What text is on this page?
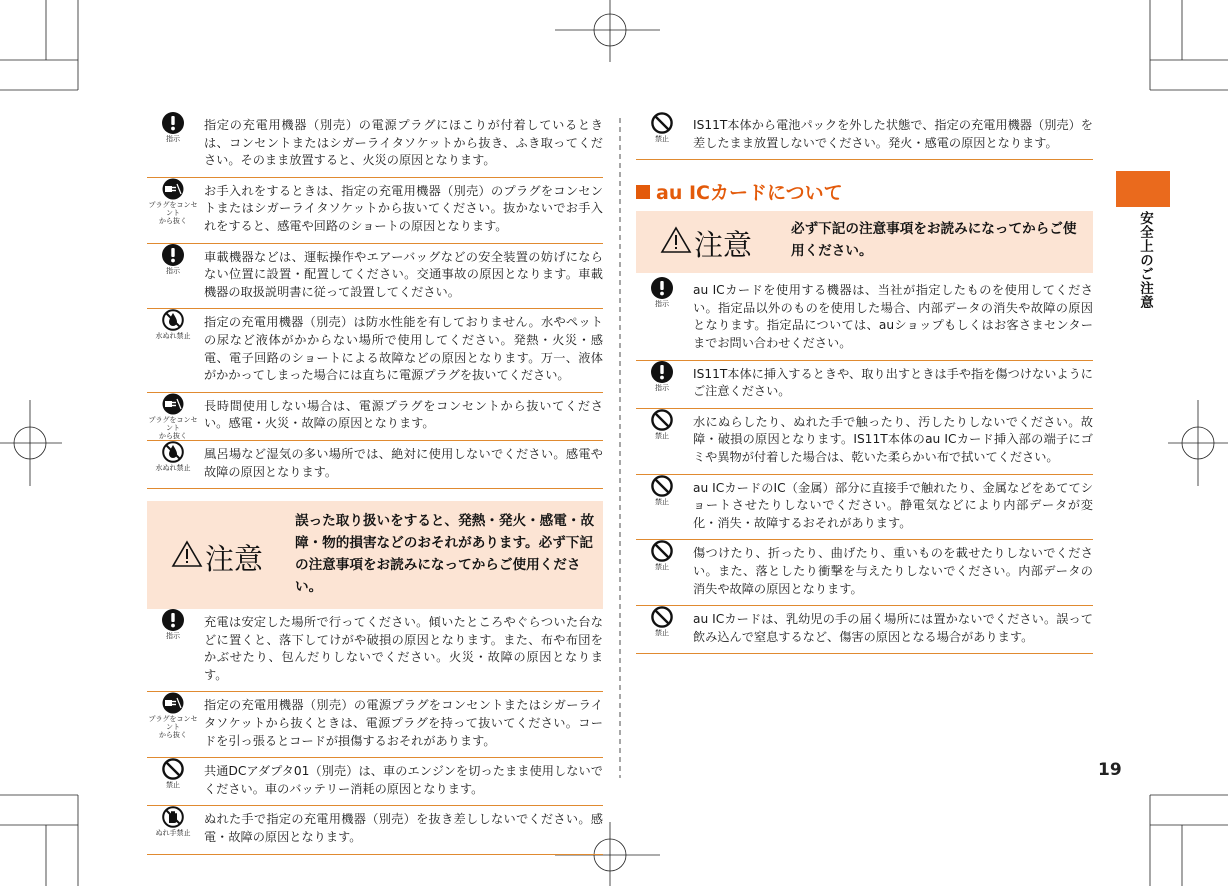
指示
指定の充電用機器（別売）の電源プラグにほこりが付着しているときは、コンセントまたはシガーライタソケットから抜き、ふき取ってください。そのまま放置すると、火災の原因となります。
プラグをコンセント
から抜く
お手入れをするときは、指定の充電用機器（別売）のプラグをコンセントまたはシガーライタソケットから抜いてください。抜かないでお手入れをすると、感電や回路のショートの原因となります。
指示
車載機器などは、運転操作やエアーバッグなどの安全装置の妨げにならない位置に設置・配置してください。交通事故の原因となります。車載機器の取扱説明書に従って設置してください。
水ぬれ禁止
指定の充電用機器（別売）は防水性能を有しておりません。水やペットの尿など液体がかからない場所で使用してください。発熱・火災・感電、電子回路のショートによる故障などの原因となります。万一、液体がかかってしまった場合には直ちに電源プラグを抜いてください。
プラグをコンセント
から抜く
長時間使用しない場合は、電源プラグをコンセントから抜いてください。感電・火災・故障の原因となります。
水ぬれ禁止
風呂場など湿気の多い場所では、絶対に使用しないでください。感電や故障の原因となります。
注意
誤った取り扱いをすると、発熱・発火・感電・故障・物的損害などのおそれがあります。必ず下記の注意事項をお読みになってからご使用ください。
指示
充電は安定した場所で行ってください。傾いたところやぐらついた台などに置くと、落下してけがや破損の原因となります。また、布や布団をかぶせたり、包んだりしないでください。火災・故障の原因となります。
プラグをコンセント
から抜く
指定の充電用機器（別売）の電源プラグをコンセントまたはシガーライタソケットから抜くときは、電源プラグを持って抜いてください。コードを引っ張るとコードが損傷するおそれがあります。
禁止
共通DCアダプタ01（別売）は、車のエンジンを切ったまま使用しないでください。車のバッテリー消耗の原因となります。
ぬれ手禁止
ぬれた手で指定の充電用機器（別売）を抜き差ししないでください。感電・故障の原因となります。
禁止
IS11T本体から電池パックを外した状態で、指定の充電用機器（別売）を差したまま放置しないでください。発火・感電の原因となります。
au ICカードについて
注意	必ず下記の注意事項をお読みになってからご使用ください。
指示
au ICカードを使用する機器は、当社が指定したものを使用してください。指定品以外のものを使用した場合、内部データの消失や故障の原因となります。指定品については、auショップもしくはお客さまセンターまでお問い合わせください。
指示
IS11T本体に挿入するときや、取り出すときは手や指を傷つけないようにご注意ください。
禁止
水にぬらしたり、ぬれた手で触ったり、汚したりしないでください。故障・破損の原因となります。IS11T本体のau ICカード挿入部の端子にゴミや異物が付着した場合は、乾いた柔らかい布で拭いてください。
禁止
au ICカードのIC（金属）部分に直接手で触れたり、金属などをあててショートさせたりしないでください。静電気などにより内部データが変化・消失・故障するおそれがあります。
禁止
傷つけたり、折ったり、曲げたり、重いものを載せたりしないでください。また、落としたり衝撃を与えたりしないでください。内部データの消失や故障の原因となります。
禁止
au ICカードは、乳幼児の手の届く場所には置かないでください。誤って飲み込んで窒息するなど、傷害の原因となる場合があります。
安全上のご注意
19
